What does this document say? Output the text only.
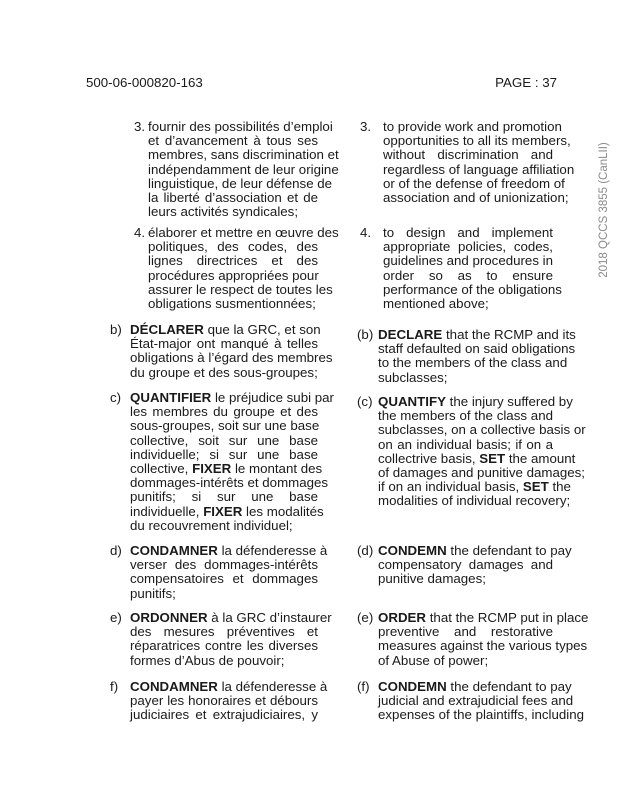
500-06-000820-163	PAGE : 37
2018 QCCS 3855 (CanLII)
3. fournir des possibilités d’emploi
et d’avancement à tous ses
membres, sans discrimination et
indépendamment de leur origine
linguistique, de leur défense de
la liberté d’association et de
leurs activités syndicales;
4. élaborer et mettre en œuvre des
politiques, des codes, des
lignes directrices et des
procédures appropriées pour
assurer le respect de toutes les
obligations susmentionnées;
b) DÉCLARER que la GRC, et son
État-major ont manqué à telles
obligations à l’égard des membres
du groupe et des sous-groupes;
c) QUANTIFIER le préjudice subi par
les membres du groupe et des
sous-groupes, soit sur une base
collective, soit sur une base
individuelle; si sur une base
collective, FIXER le montant des
dommages-intérêts et dommages
punitifs; si sur une base
individuelle, FIXER les modalités
du recouvrement individuel;
d) CONDAMNER la défenderesse à
verser des dommages-intérêts
compensatoires et dommages
punitifs;
e) ORDONNER à la GRC d’instaurer
des mesures préventives et
réparatrices contre les diverses
formes d’Abus de pouvoir;
f) CONDAMNER la défenderesse à
payer les honoraires et débours
judiciaires et extrajudiciaires, y
3. to provide work and promotion
opportunities to all its members,
without discrimination and
regardless of language affiliation
or of the defense of freedom of
association and of unionization;
4. to design and implement
appropriate policies, codes,
guidelines and procedures in
order so as to ensure
performance of the obligations
mentioned above;
(b) DECLARE that the RCMP and its
staff defaulted on said obligations
to the members of the class and
subclasses;
(c) QUANTIFY the injury suffered by
the members of the class and
subclasses, on a collective basis or
on an individual basis; if on a
collectrive basis, SET the amount
of damages and punitive damages;
if on an individual basis, SET the
modalities of individual recovery;
(d) CONDEMN the defendant to pay
compensatory damages and
punitive damages;
(e) ORDER that the RCMP put in place
preventive and restorative
measures against the various types
of Abuse of power;
(f) CONDEMN the defendant to pay
judicial and extrajudicial fees and
expenses of the plaintiffs, including
